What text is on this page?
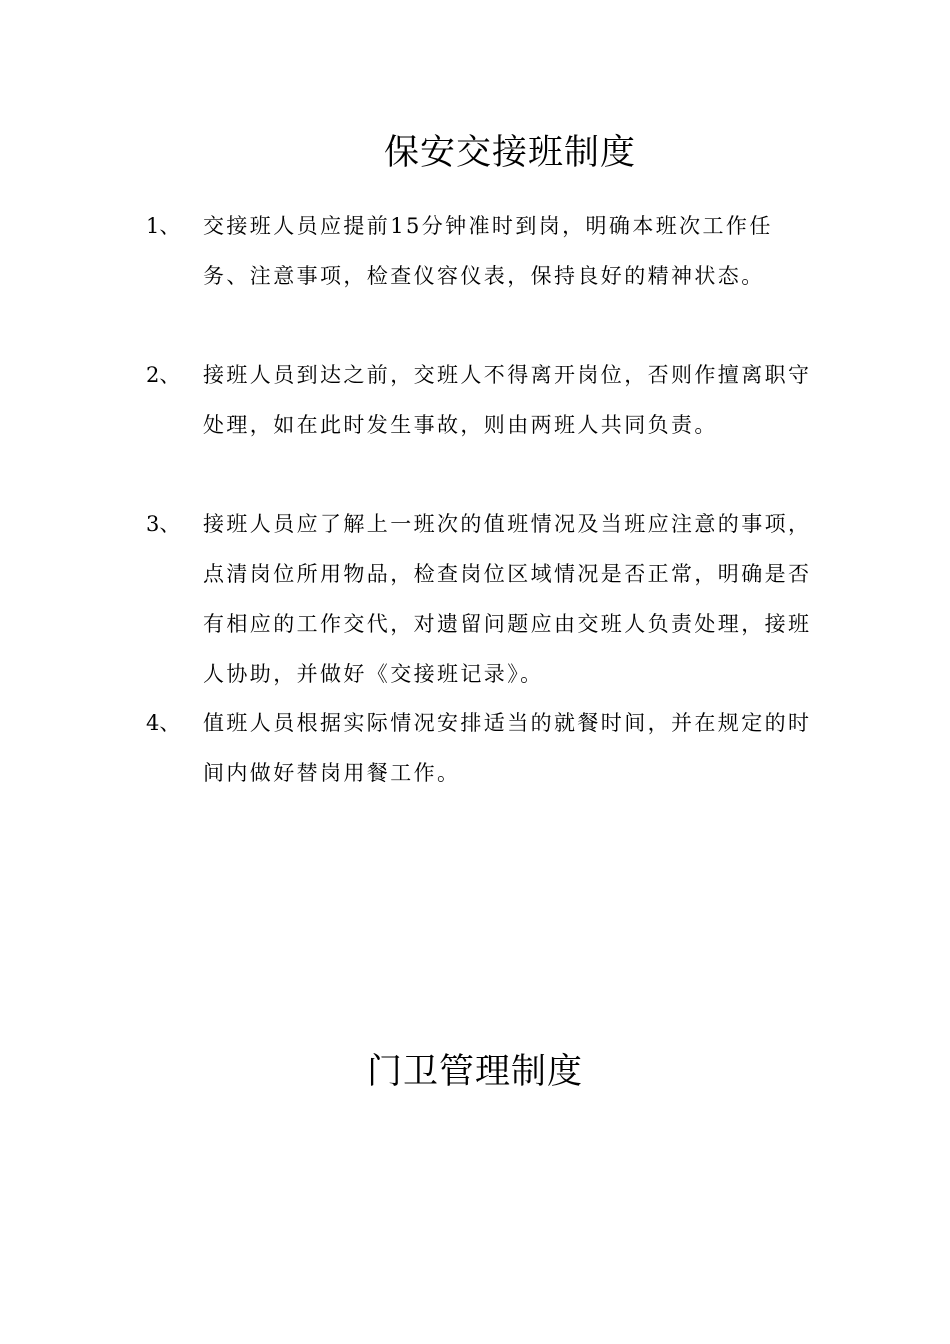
保安交接班制度
1、 交接班人员应提前15分钟准时到岗，明确本班次工作任务、注意事项，检查仪容仪表，保持良好的精神状态。
2、 接班人员到达之前，交班人不得离开岗位，否则作擅离职守处理，如在此时发生事故，则由两班人共同负责。
3、 接班人员应了解上一班次的值班情况及当班应注意的事项，点清岗位所用物品，检查岗位区域情况是否正常，明确是否有相应的工作交代，对遗留问题应由交班人负责处理，接班人协助，并做好《交接班记录》。
4、 值班人员根据实际情况安排适当的就餐时间，并在规定的时间内做好替岗用餐工作。
门卫管理制度
